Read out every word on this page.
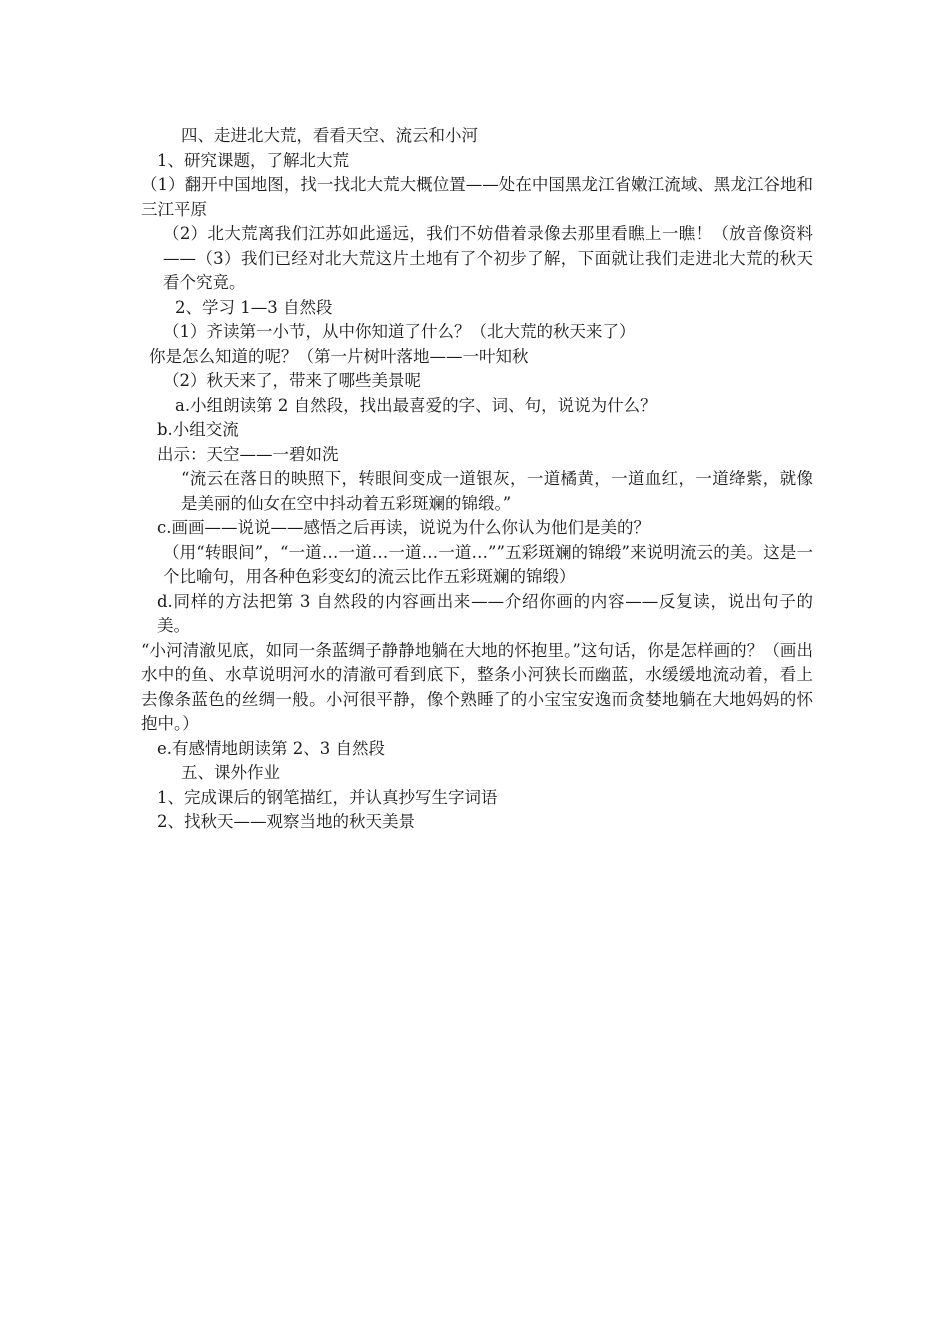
四、走进北大荒，看看天空、流云和小河

1、研究课题，了解北大荒

（1）翻开中国地图，找一找北大荒大概位置——处在中国黑龙江省嫩江流域、黑龙江谷地和三江平原

（2）北大荒离我们江苏如此遥远，我们不妨借着录像去那里看瞧上一瞧！（放音像资料——（3）我们已经对北大荒这片土地有了个初步了解，下面就让我们走进北大荒的秋天看个究竟。

2、学习 1—3 自然段

（1）齐读第一小节，从中你知道了什么？（北大荒的秋天来了）

你是怎么知道的呢？（第一片树叶落地——一叶知秋

（2）秋天来了，带来了哪些美景呢

a.小组朗读第 2 自然段，找出最喜爱的字、词、句，说说为什么？

b.小组交流

出示：天空——一碧如洗

“流云在落日的映照下，转眼间变成一道银灰，一道橘黄，一道血红，一道绛紫，就像是美丽的仙女在空中抖动着五彩斑斓的锦缎。”

c.画画——说说——感悟之后再读，说说为什么你认为他们是美的？

（用“转眼间”，“一道…一道…一道…一道…””五彩斑斓的锦缎”来说明流云的美。这是一个比喻句，用各种色彩变幻的流云比作五彩斑斓的锦缎）

d.同样的方法把第 3 自然段的内容画出来——介绍你画的内容——反复读，说出句子的美。

“小河清澈见底，如同一条蓝绸子静静地躺在大地的怀抱里。”这句话，你是怎样画的？（画出水中的鱼、水草说明河水的清澈可看到底下，整条小河狭长而幽蓝，水缓缓地流动着，看上去像条蓝色的丝绸一般。小河很平静，像个熟睡了的小宝宝安逸而贪婪地躺在大地妈妈的怀抱中。）

e.有感情地朗读第 2、3 自然段

五、课外作业

1、完成课后的钢笔描红，并认真抄写生字词语

2、找秋天——观察当地的秋天美景
